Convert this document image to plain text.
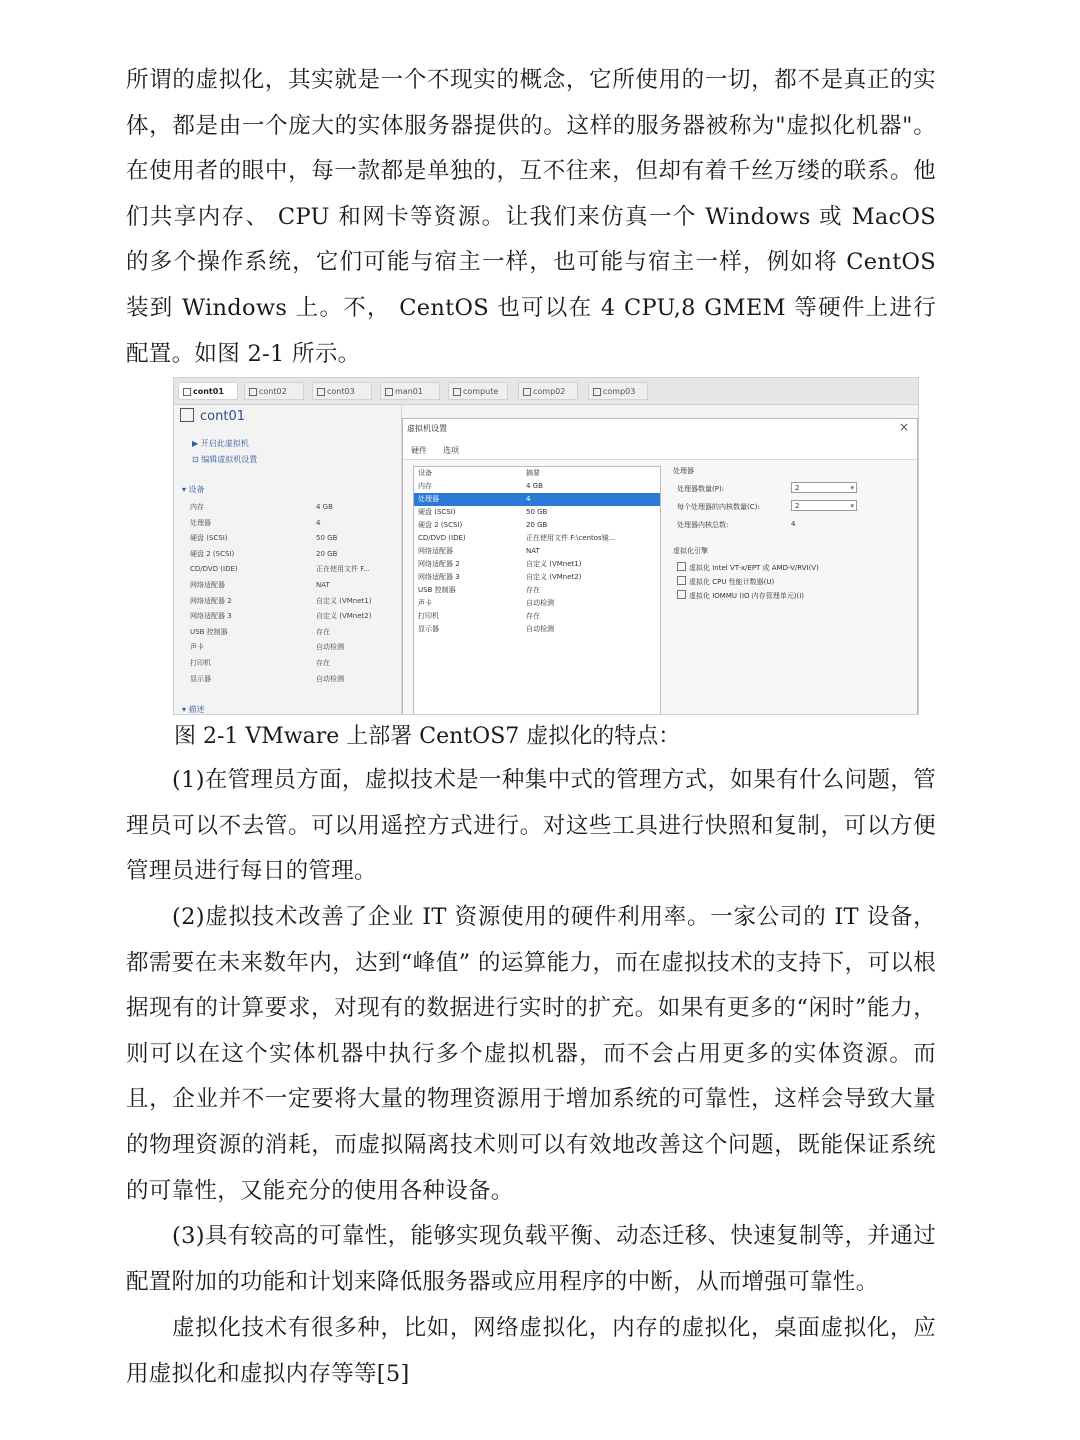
所谓的虚拟化，其实就是一个不现实的概念，它所使用的一切，都不是真正的实体，都是由一个庞大的实体服务器提供的。这样的服务器被称为"虚拟化机器"。在使用者的眼中，每一款都是单独的，互不往来，但却有着千丝万缕的联系。他们共享内存、 CPU 和网卡等资源。让我们来仿真一个 Windows 或 MacOS 的多个操作系统，它们可能与宿主一样，也可能与宿主一样，例如将 CentOS 装到 Windows 上。不， CentOS 也可以在 4 CPU,8 GMEM 等硬件上进行配置。如图 2-1 所示。

cont01	cont02	cont03	man01	compute	comp02	comp03
cont01
▶ 开启此虚拟机
⊡ 编辑虚拟机设置
▾ 设备
内存	4 GB
处理器	4
硬盘 (SCSI)	50 GB
硬盘 2 (SCSI)	20 GB
CD/DVD (IDE)	正在使用文件 F...
网络适配器	NAT
网络适配器 2	自定义 (VMnet1)
网络适配器 3	自定义 (VMnet2)
USB 控制器	存在
声卡	自动检测
打印机	存在
显示器	自动检测
▾ 描述
虚拟机设置	×
硬件 选项
设备	摘要
内存	4 GB
处理器	4
硬盘 (SCSI)	50 GB
硬盘 2 (SCSI)	20 GB
CD/DVD (IDE)	正在使用文件 F:\centos镜...
网络适配器	NAT
网络适配器 2	自定义 (VMnet1)
网络适配器 3	自定义 (VMnet2)
USB 控制器	存在
声卡	自动检测
打印机	存在
显示器	自动检测
处理器
处理器数量(P):	2 ▾
每个处理器的内核数量(C):	2 ▾
处理器内核总数:	4
虚拟化引擎
虚拟化 Intel VT-x/EPT 或 AMD-V/RVI(V)
虚拟化 CPU 性能计数器(U)
虚拟化 IOMMU (IO 内存管理单元)(I)

图 2-1 VMware 上部署 CentOS7 虚拟化的特点：

(1)在管理员方面，虚拟技术是一种集中式的管理方式，如果有什么问题，管理员可以不去管。可以用遥控方式进行。对这些工具进行快照和复制，可以方便管理员进行每日的管理。

(2)虚拟技术改善了企业 IT 资源使用的硬件利用率。一家公司的 IT 设备，都需要在未来数年内，达到“峰值” 的运算能力，而在虚拟技术的支持下，可以根据现有的计算要求，对现有的数据进行实时的扩充。如果有更多的“闲时”能力，则可以在这个实体机器中执行多个虚拟机器，而不会占用更多的实体资源。而且，企业并不一定要将大量的物理资源用于增加系统的可靠性，这样会导致大量的物理资源的消耗，而虚拟隔离技术则可以有效地改善这个问题，既能保证系统的可靠性，又能充分的使用各种设备。

(3)具有较高的可靠性，能够实现负载平衡、动态迁移、快速复制等，并通过配置附加的功能和计划来降低服务器或应用程序的中断，从而增强可靠性。

虚拟化技术有很多种，比如，网络虚拟化，内存的虚拟化，桌面虚拟化，应用虚拟化和虚拟内存等等[5]
